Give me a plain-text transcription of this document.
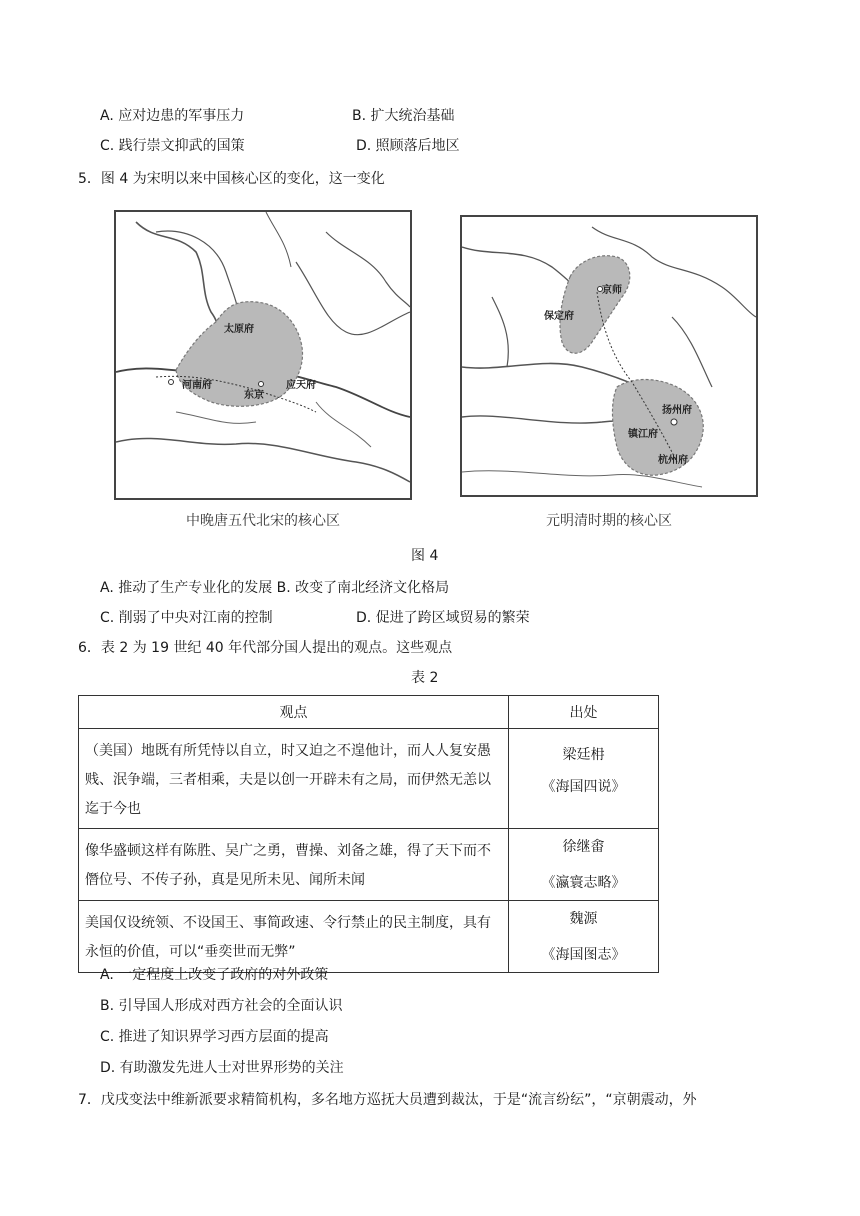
A. 应对边患的军事压力	B. 扩大统治基础
C. 践行崇文抑武的国策	D. 照顾落后地区
5．图 4 为宋明以来中国核心区的变化，这一变化
太原府
河南府
东京
应天府
中晚唐五代北宋的核心区
京师
保定府
扬州府
镇江府
杭州府
元明清时期的核心区
图 4
A. 推动了生产专业化的发展 B. 改变了南北经济文化格局
C. 削弱了中央对江南的控制	D. 促进了跨区域贸易的繁荣
6．表 2 为 19 世纪 40 年代部分国人提出的观点。这些观点
表 2
观点	出处
（美国）地既有所凭恃以自立，时又迫之不遑他计，而人人复安愚贱、泯争端，三者相乘，夫是以创一开辟未有之局，而伊然无恙以迄于今也	梁廷枏
《海国四说》

像华盛顿这样有陈胜、吴广之勇，曹操、刘备之雄，得了天下而不僭位号、不传子孙，真是见所未见、闻所未闻	徐继畬
《瀛寰志略》

美国仅设统领、不设国王、事简政速、令行禁止的民主制度，具有永恒的价值，可以“垂奕世而无弊”	魏源
《海国图志》
A. 一定程度上改变了政府的对外政策
B. 引导国人形成对西方社会的全面认识
C. 推进了知识界学习西方层面的提高
D. 有助激发先进人士对世界形势的关注
7．戊戌变法中维新派要求精简机构，多名地方巡抚大员遭到裁汰，于是“流言纷纭”，“京朝震动，外
